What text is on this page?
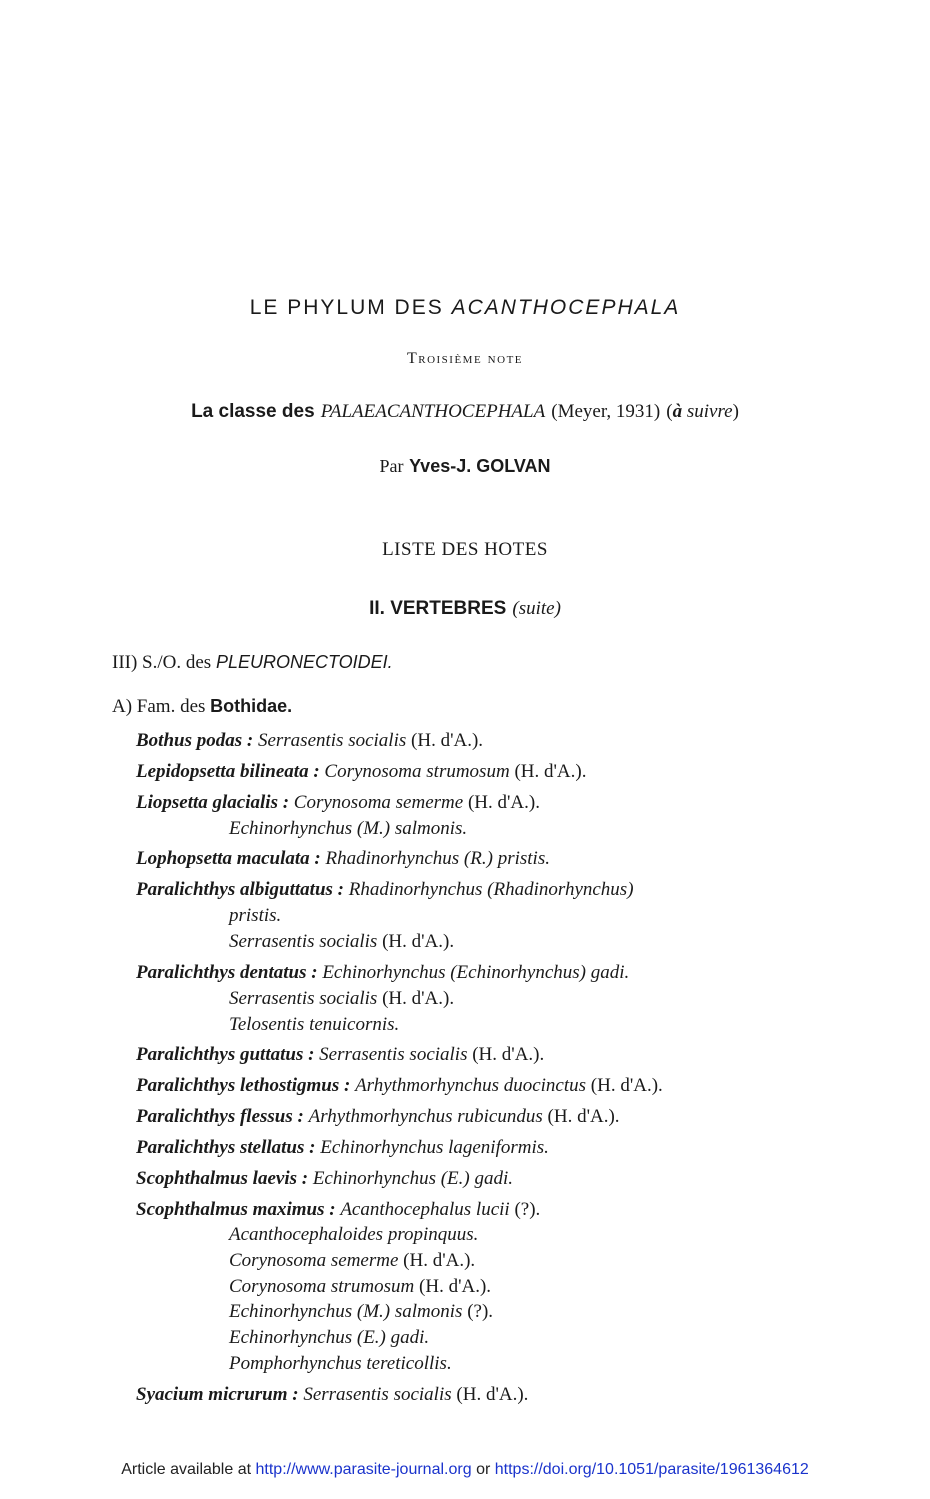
LE PHYLUM DES ACANTHOCEPHALA
Troisième note
La classe des PALAEACANTHOCEPHALA (Meyer, 1931) (à suivre)
Par Yves-J. GOLVAN
LISTE DES HOTES
II. VERTEBRES (suite)
III) S./O. des PLEURONECTOIDEI.
A) Fam. des Bothidae.
Bothus podas : Serrasentis socialis (H. d'A.).
Lepidopsetta bilineata : Corynosoma strumosum (H. d'A.).
Liopsetta glacialis : Corynosoma semerme (H. d'A.).
Echinorhynchus (M.) salmonis.
Lophopsetta maculata : Rhadinorhynchus (R.) pristis.
Paralichthys albiguttatus : Rhadinorhynchus (Rhadinorhynchus)
pristis.
Serrasentis socialis (H. d'A.).
Paralichthys dentatus : Echinorhynchus (Echinorhynchus) gadi.
Serrasentis socialis (H. d'A.).
Telosentis tenuicornis.
Paralichthys guttatus : Serrasentis socialis (H. d'A.).
Paralichthys lethostigmus : Arhythmorhynchus duocinctus (H. d'A.).
Paralichthys flessus : Arhythmorhynchus rubicundus (H. d'A.).
Paralichthys stellatus : Echinorhynchus lageniformis.
Scophthalmus laevis : Echinorhynchus (E.) gadi.
Scophthalmus maximus : Acanthocephalus lucii (?).
Acanthocephaloides propinquus.
Corynosoma semerme (H. d'A.).
Corynosoma strumosum (H. d'A.).
Echinorhynchus (M.) salmonis (?).
Echinorhynchus (E.) gadi.
Pomphorhynchus tereticollis.
Syacium micrurum : Serrasentis socialis (H. d'A.).
Article available at http://www.parasite-journal.org or https://doi.org/10.1051/parasite/1961364612
